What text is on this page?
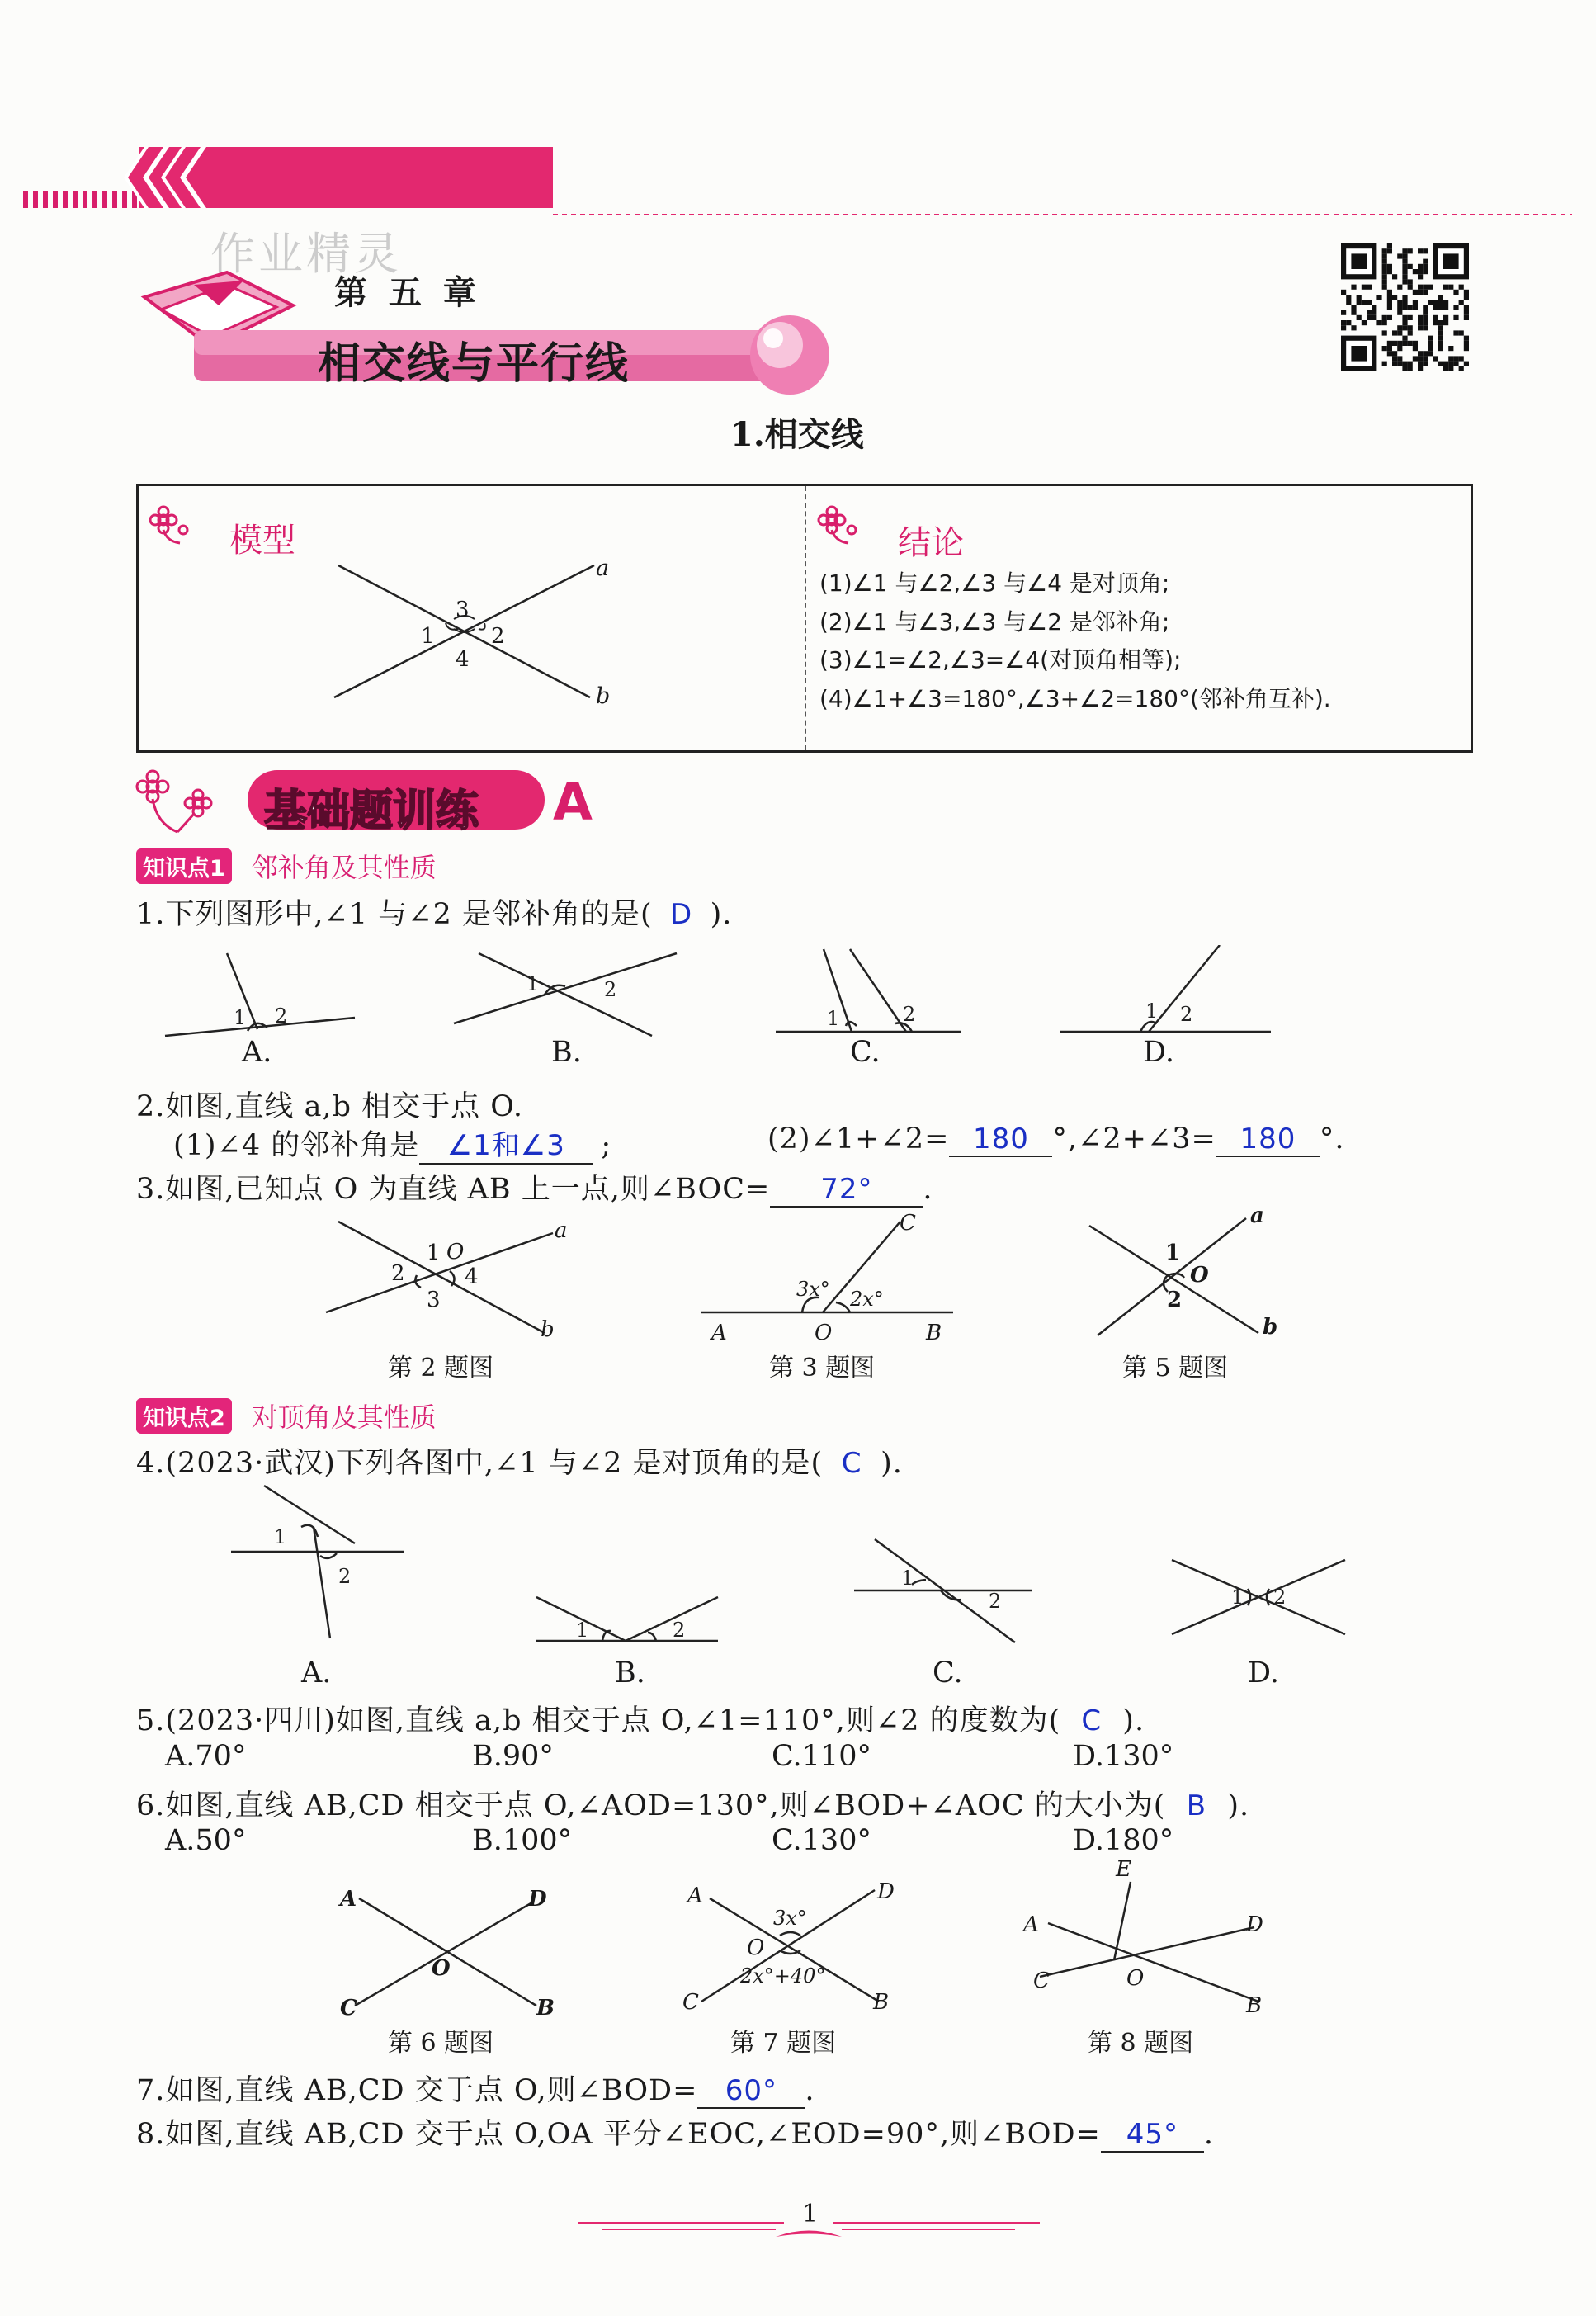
作业精灵
第 五 章
相交线与平行线
1.相交线
模型
a
b
3
1	2
4
结论
(1)∠1 与∠2,∠3 与∠4 是对顶角;
(2)∠1 与∠3,∠3 与∠2 是邻补角;
(3)∠1=∠2,∠3=∠4(对顶角相等);
(4)∠1+∠3=180°,∠3+∠2=180°(邻补角互补).
基础题训练 A
知识点1 邻补角及其性质
1.下列图形中,∠1 与∠2 是邻补角的是( D ).
1 2
1	2
1	2	1 2
A.	B.	C.	D.
2.如图,直线 a,b 相交于点 O.
(1)∠4 的邻补角是 ∠1和∠3 ;	(2)∠1+∠2= 180 °,∠2+∠3= 180 °.
3.如图,已知点 O 为直线 AB 上一点,则∠BOC= 72° .
a
b
1 O
2	4
3
C
3x° 2x°
A	O	B
a
1
O
2
b
第 2 题图	第 3 题图	第 5 题图
知识点2 对顶角及其性质
4.(2023·武汉)下列各图中,∠1 与∠2 是对顶角的是( C ).
1
2
1	2
1
2	1 2
A.	B.	C.	D.
5.(2023·四川)如图,直线 a,b 相交于点 O,∠1=110°,则∠2 的度数为( C ).
A.70°	B.90°	C.110°	D.130°
6.如图,直线 AB,CD 相交于点 O,∠AOD=130°,则∠BOD+∠AOC 的大小为( B ).
A.50°	B.100°	C.130°	D.180°
A	D
O
C	B
A	D
3x°
O
2x°+40°
C	B
E
A	D
C	O
B
第 6 题图	第 7 题图	第 8 题图
7.如图,直线 AB,CD 交于点 O,则∠BOD= 60° .
8.如图,直线 AB,CD 交于点 O,OA 平分∠EOC,∠EOD=90°,则∠BOD= 45° .
1
